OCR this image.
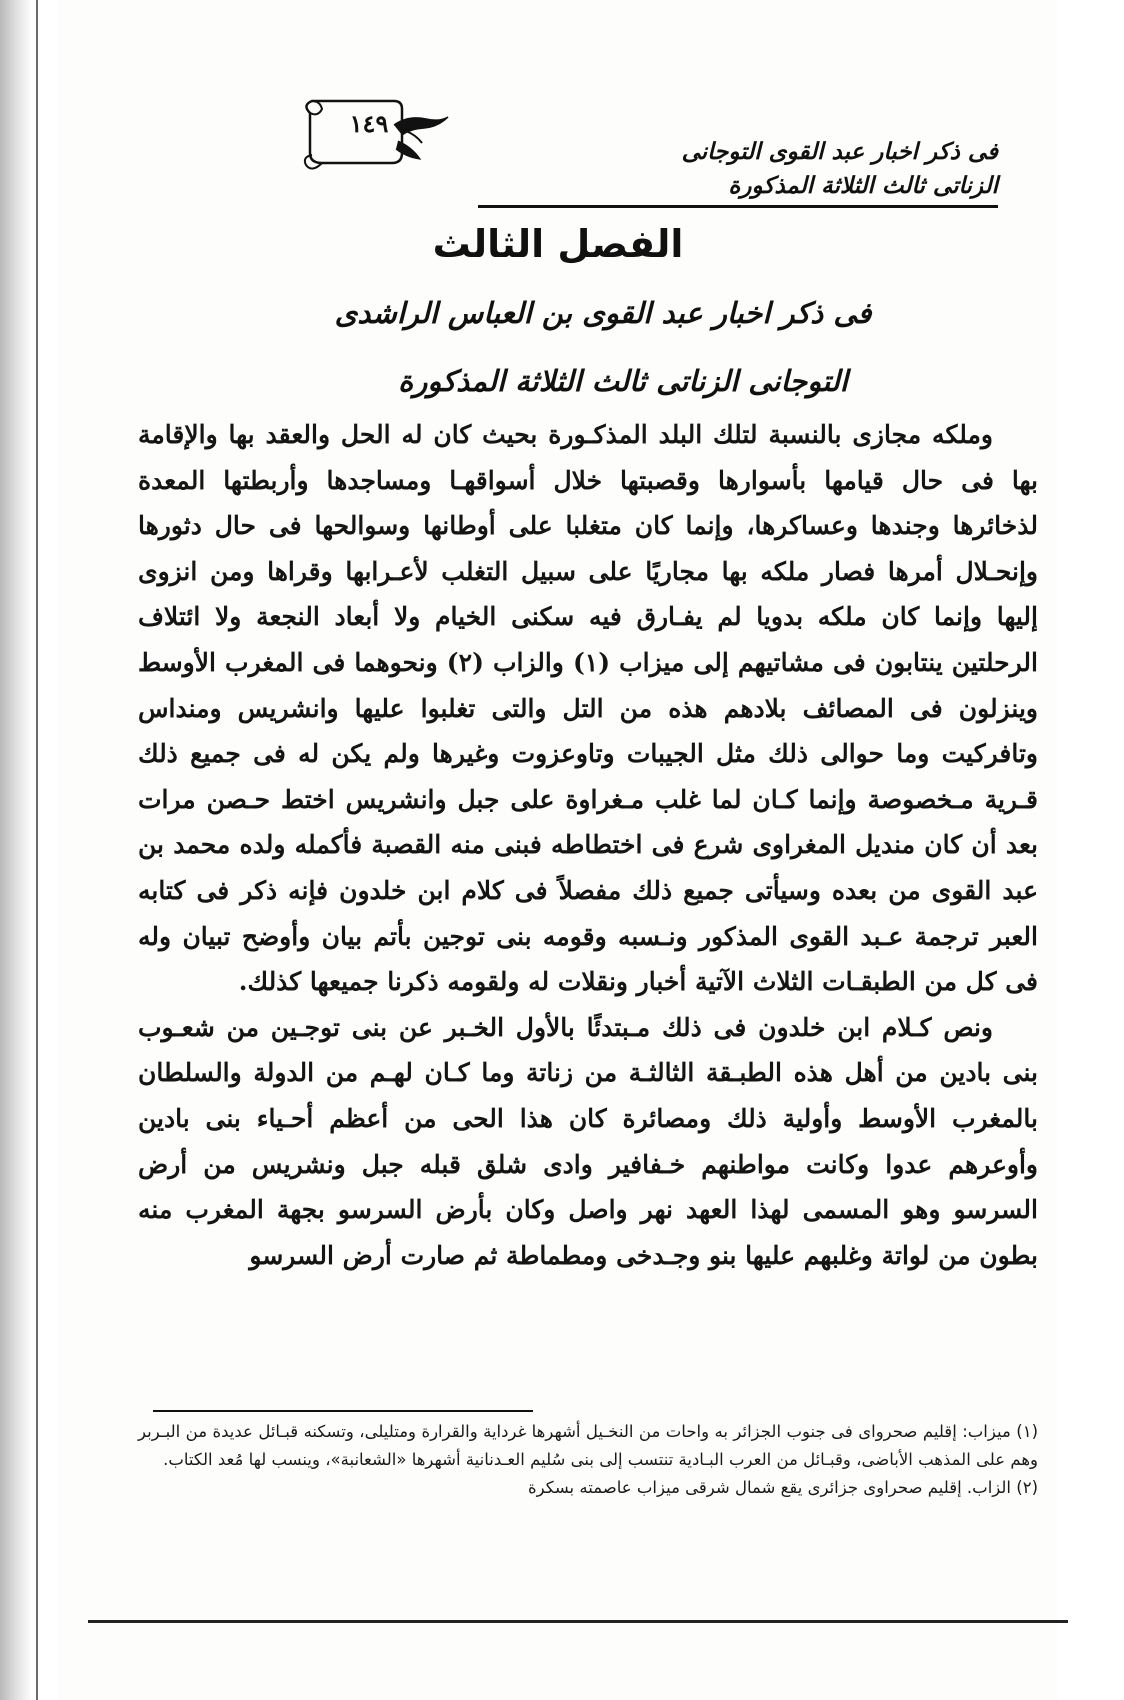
١٤٩
فى ذكر اخبار عبد القوى التوجانى
الزناتى ثالث الثلاثة المذكورة
الفصل الثالث
فى ذكر اخبار عبد القوى بن العباس الراشدى
التوجانى الزناتى ثالث الثلاثة المذكورة

وملكه مجازى بالنسبة لتلك البلد المذكـورة بحيث كان له الحل والعقد بها والإقامة بها فى حال قيامها بأسوارها وقصبتها خلال أسواقهـا ومساجدها وأربطتها المعدة لذخائرها وجندها وعساكرها، وإنما كان متغلبا على أوطانها وسوالحها فى حال دثورها وإنحـلال أمرها فصار ملكه بها مجاريًا على سبيل التغلب لأعـرابها وقراها ومن انزوى إليها وإنما كان ملكه بدويا لم يفـارق فيه سكنى الخيام ولا أبعاد النجعة ولا ائتلاف الرحلتين ينتابون فى مشاتيهم إلى ميزاب (١) والزاب (٢) ونحوهما فى المغرب الأوسط وينزلون فى المصائف بلادهم هذه من التل والتى تغلبوا عليها وانشريس ومنداس وتافركيت وما حوالى ذلك مثل الجيبات وتاوعزوت وغيرها ولم يكن له فى جميع ذلك قـرية مـخصوصة وإنما كـان لما غلب مـغراوة على جبل وانشريس اختط حـصن مرات بعد أن كان منديل المغراوى شرع فى اختطاطه فبنى منه القصبة فأكمله ولده محمد بن عبد القوى من بعده وسيأتى جميع ذلك مفصلاً فى كلام ابن خلدون فإنه ذكر فى كتابه العبر ترجمة عـبد القوى المذكور ونـسبه وقومه بنى توجين بأتم بيان وأوضح تبيان وله فى كل من الطبقـات الثلاث الآتية أخبار ونقلات له ولقومه ذكرنا جميعها كذلك.

ونص كـلام ابن خلدون فى ذلك مـبتدئًا بالأول الخـبر عن بنى توجـين من شعـوب بنى بادين من أهل هذه الطبـقة الثالثـة من زناتة وما كـان لهـم من الدولة والسلطان بالمغرب الأوسط وأولية ذلك ومصائرة كان هذا الحى من أعظم أحـياء بنى بادين وأوعرهم عدوا وكانت مواطنهم خـفافير وادى شلق قبله جبل ونشريس من أرض السرسو وهو المسمى لهذا العهد نهر واصل وكان بأرض السرسو بجهة المغرب منه بطون من لواتة وغلبهم عليها بنو وجـدخى ومطماطة ثم صارت أرض السرسو

(١) ميزاب: إقليم صحرواى فى جنوب الجزائر به واحات من النخـيل أشهرها غرداية والقرارة ومتليلى، وتسكنه قبـائل عديدة من البـربر وهم على المذهب الأباضى، وقبـائل من العرب البـادية تنتسب إلى بنى سُليم العـدنانية أشهرها «الشعانبة»، وينسب لها مُعد الكتاب.

(٢) الزاب. إقليم صحراوى جزائرى يقع شمال شرقى ميزاب عاصمته بسكرة
